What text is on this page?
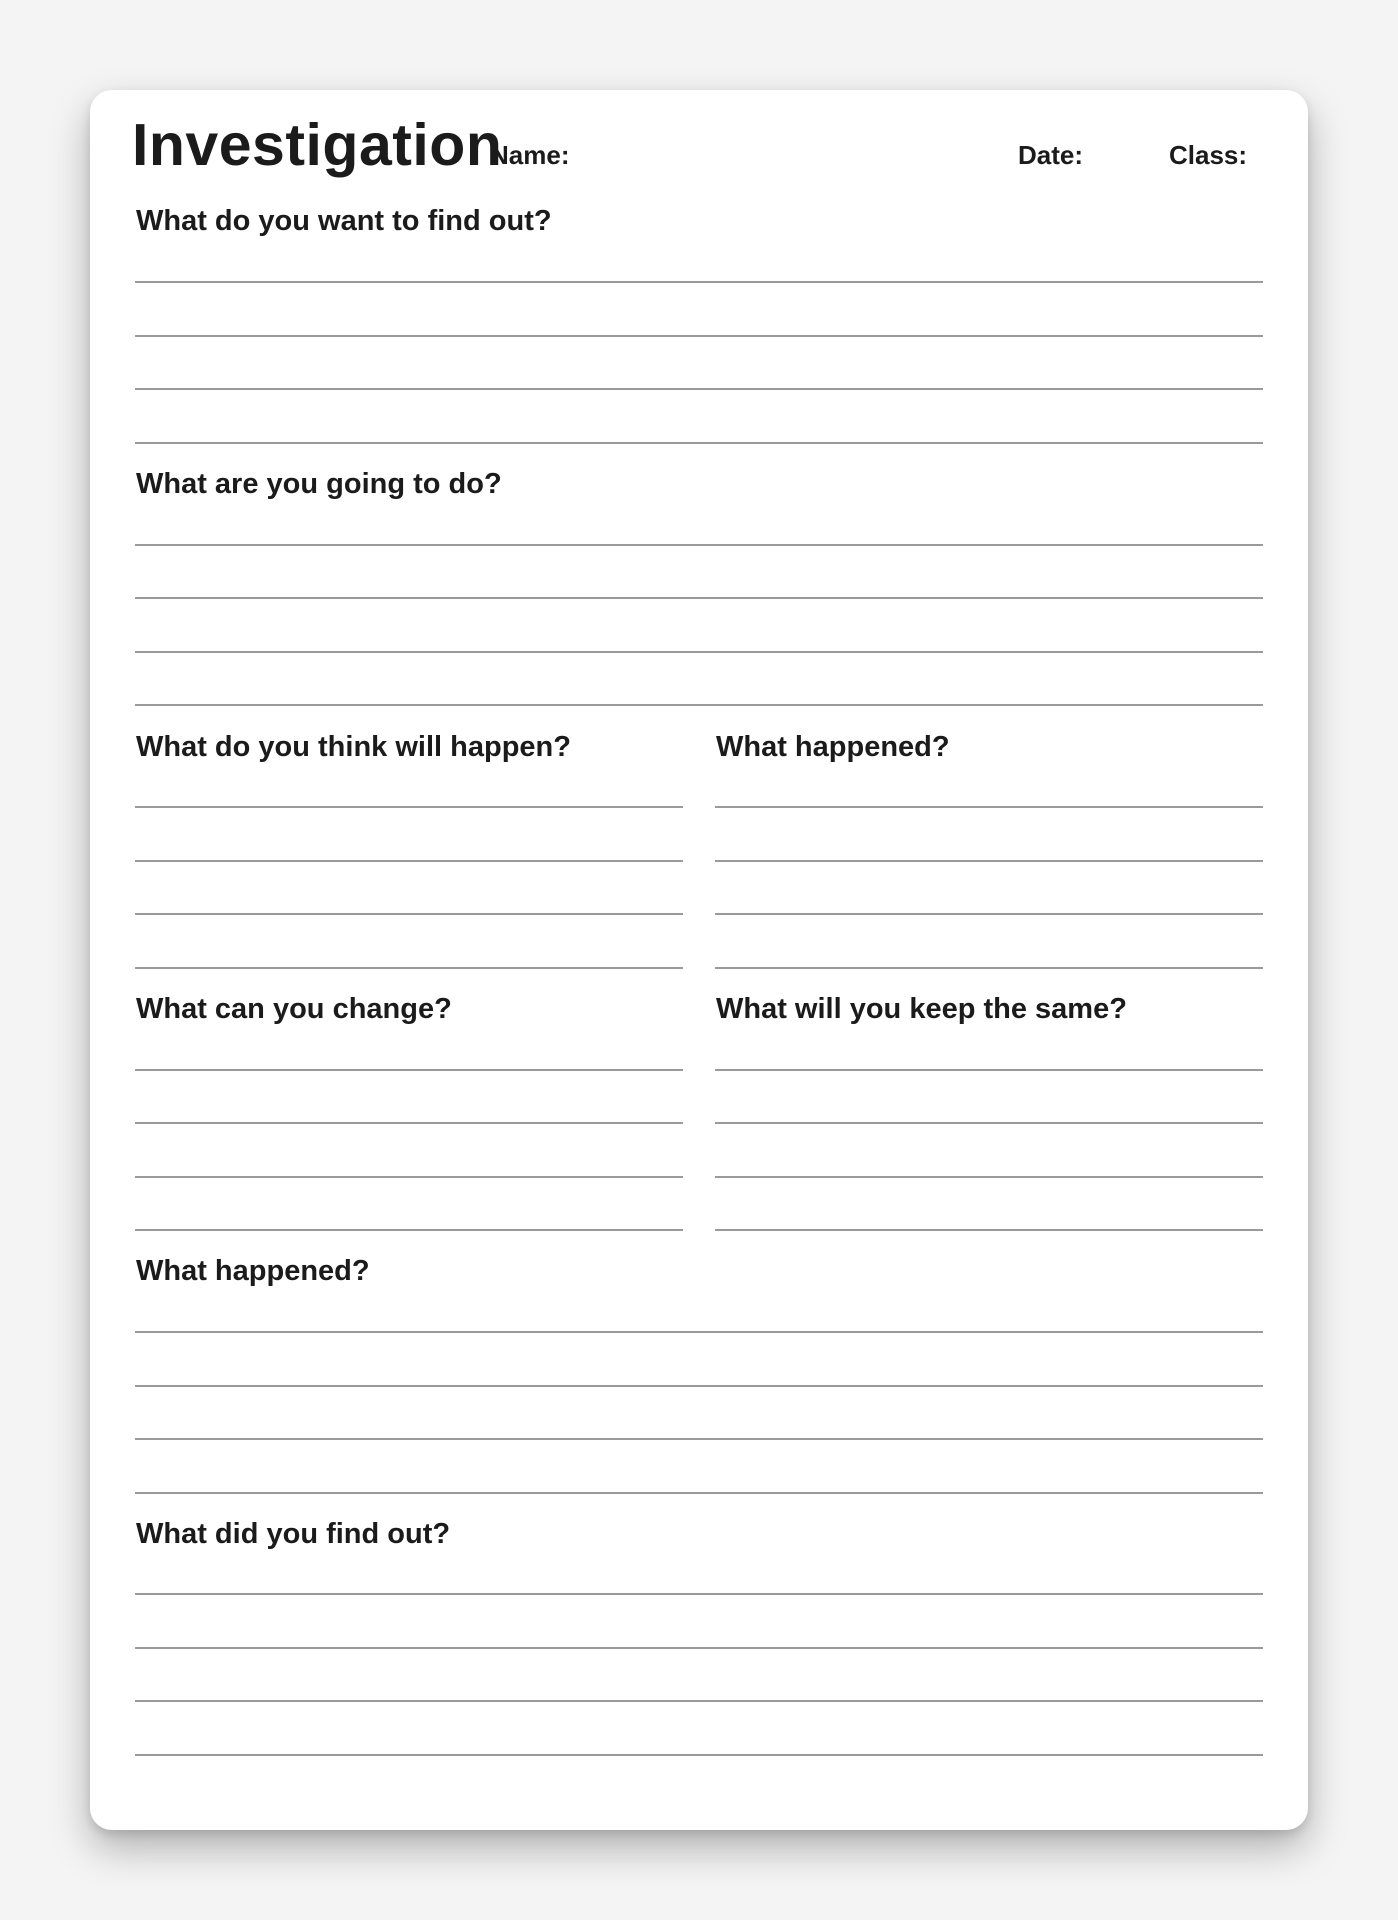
Investigation
Name:	Date:	Class:
What do you want to find out?
What are you going to do?
What do you think will happen?	What happened?
What can you change?	What will you keep the same?
What happened?
What did you find out?
